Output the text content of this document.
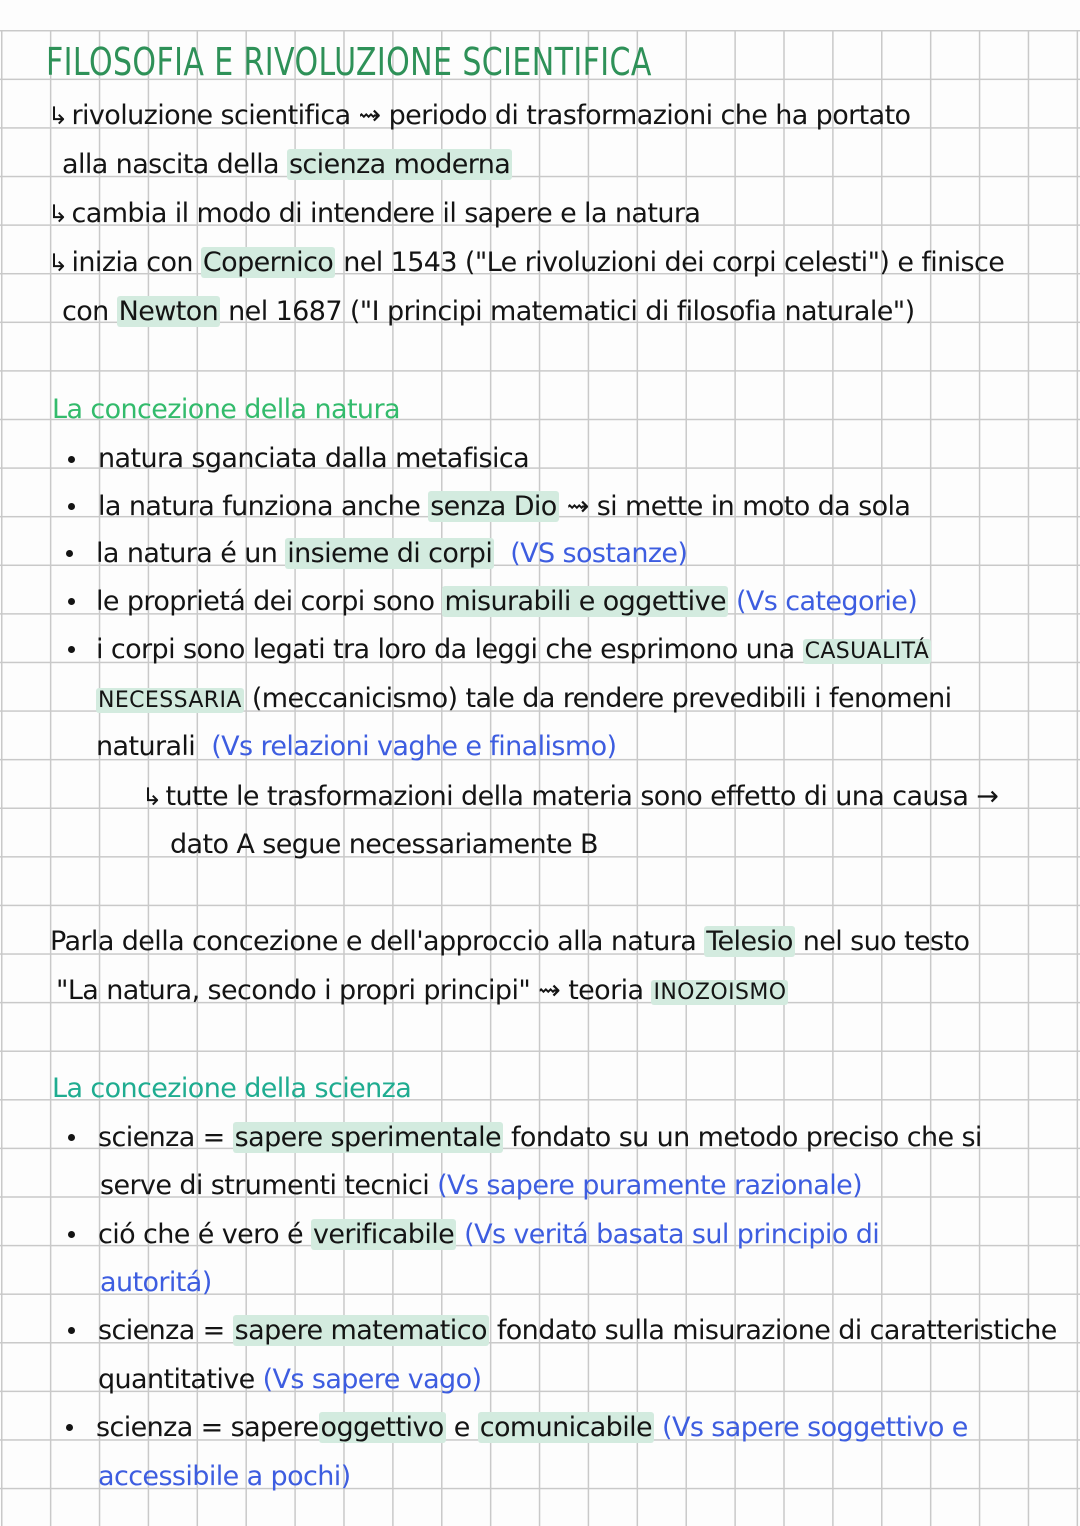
FILOSOFIA E RIVOLUZIONE SCIENTIFICA
↳ rivoluzione scientifica ⇝ periodo di trasformazioni che ha portato
alla nascita della scienza moderna
↳ cambia il modo di intendere il sapere e la natura
↳ inizia con Copernico nel 1543 ("Le rivoluzioni dei corpi celesti") e finisce
con Newton nel 1687 ("I principi matematici di filosofia naturale")
La concezione della natura
natura sganciata dalla metafisica
la natura funziona anche senza Dio ⇝ si mette in moto da sola
la natura é un insieme di corpi (VS sostanze)
le proprietá dei corpi sono misurabili e oggettive (Vs categorie)
i corpi sono legati tra loro da leggi che esprimono una CASUALITÁ
NECESSARIA (meccanicismo) tale da rendere prevedibili i fenomeni
naturali (Vs relazioni vaghe e finalismo)
↳ tutte le trasformazioni della materia sono effetto di una causa →
dato A segue necessariamente B
Parla della concezione e dell'approccio alla natura Telesio nel suo testo
"La natura, secondo i propri principi" ⇝ teoria INOZOISMO
La concezione della scienza
scienza = sapere sperimentale fondato su un metodo preciso che si
serve di strumenti tecnici (Vs sapere puramente razionale)
ció che é vero é verificabile (Vs veritá basata sul principio di
autoritá)
scienza = sapere matematico fondato sulla misurazione di caratteristiche
quantitative (Vs sapere vago)
scienza = sapereoggettivo e comunicabile (Vs sapere soggettivo e
accessibile a pochi)
